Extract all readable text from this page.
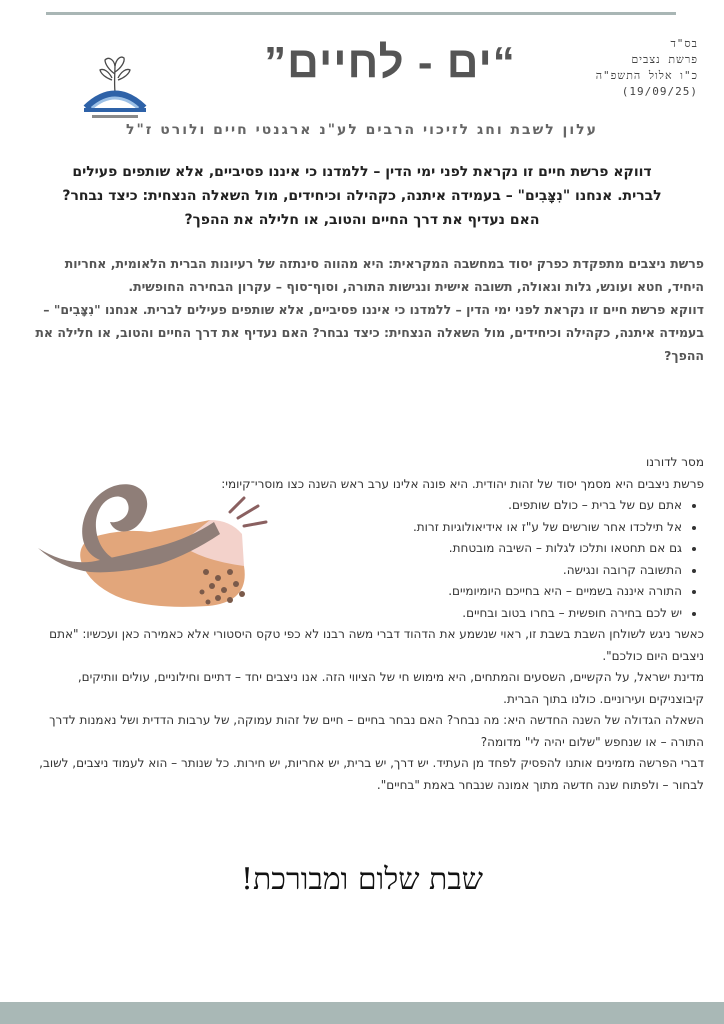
“ים - לחיים”	בס"ד
פרשת נצבים
כ"ו אלול התשפ"ה
(19/09/25)
עלון לשבת וחג לזיכוי הרבים לע"נ ארגנטי חיים ולורט ז"ל
דווקא פרשת חיים זו נקראת לפני ימי הדין – ללמדנו כי איננו פסיביים, אלא שותפים פעילים
לברית. אנחנו "נִצָּבִים" – בעמידה איתנה, כקהילה וכיחידים, מול השאלה הנצחית: כיצד נבחר?
האם נעדיף את דרך החיים והטוב, או חלילה את ההפך?

פרשת ניצבים מתפקדת כפרק יסוד במחשבה המקראית: היא מהווה סינתזה של רעיונות הברית הלאומית, אחריות היחיד, חטא ועונש, גלות וגאולה, תשובה אישית ונגישות התורה, וסוף־סוף – עקרון הבחירה החופשית.

דווקא פרשת חיים זו נקראת לפני ימי הדין – ללמדנו כי איננו פסיביים, אלא שותפים פעילים לברית. אנחנו "נִצָּבִים" – בעמידה איתנה, כקהילה וכיחידים, מול השאלה הנצחית: כיצד נבחר? האם נעדיף את דרך החיים והטוב, או חלילה את ההפך?

מסר לדורנו

פרשת ניצבים היא מסמך יסוד של זהות יהודית. היא פונה אלינו ערב ראש השנה כצו מוסרי־קיומי:

• אתם עם של ברית – כולם שותפים.
• אל תילכדו אחר שורשים של ע"ז או אידיאולוגיות זרות.
• גם אם תחטאו ותלכו לגלות – השיבה מובטחת.
• התשובה קרובה ונגישה.
• התורה איננה בשמיים – היא בחייכם היומיומיים.
• יש לכם בחירה חופשית – בחרו בטוב ובחיים.

כאשר ניגש לשולחן השבת בשבת זו, ראוי שנשמע את הדהוד דברי משה רבנו לא כפי טקס היסטורי אלא כאמירה כאן ועכשיו: "אתם ניצבים היום כולכם".

מדינת ישראל, על הקשיים, השסעים והמתחים, היא מימוש חי של הציווי הזה. אנו ניצבים יחד – דתיים וחילוניים, עולים וותיקים, קיבוצניקים ועירוניים. כולנו בתוך הברית.

השאלה הגדולה של השנה החדשה היא: מה נבחר? האם נבחר בחיים – חיים של זהות עמוקה, של ערבות הדדית ושל נאמנות לדרך התורה – או שנחפש "שלום יהיה לי" מדומה?

דברי הפרשה מזמינים אותנו להפסיק לפחד מן העתיד. יש דרך, יש ברית, יש אחריות, יש חירות. כל שנותר – הוא לעמוד ניצבים, לשוב, לבחור – ולפתוח שנה חדשה מתוך אמונה שנבחר באמת "בחיים".

שבת שלום ומבורכת!
